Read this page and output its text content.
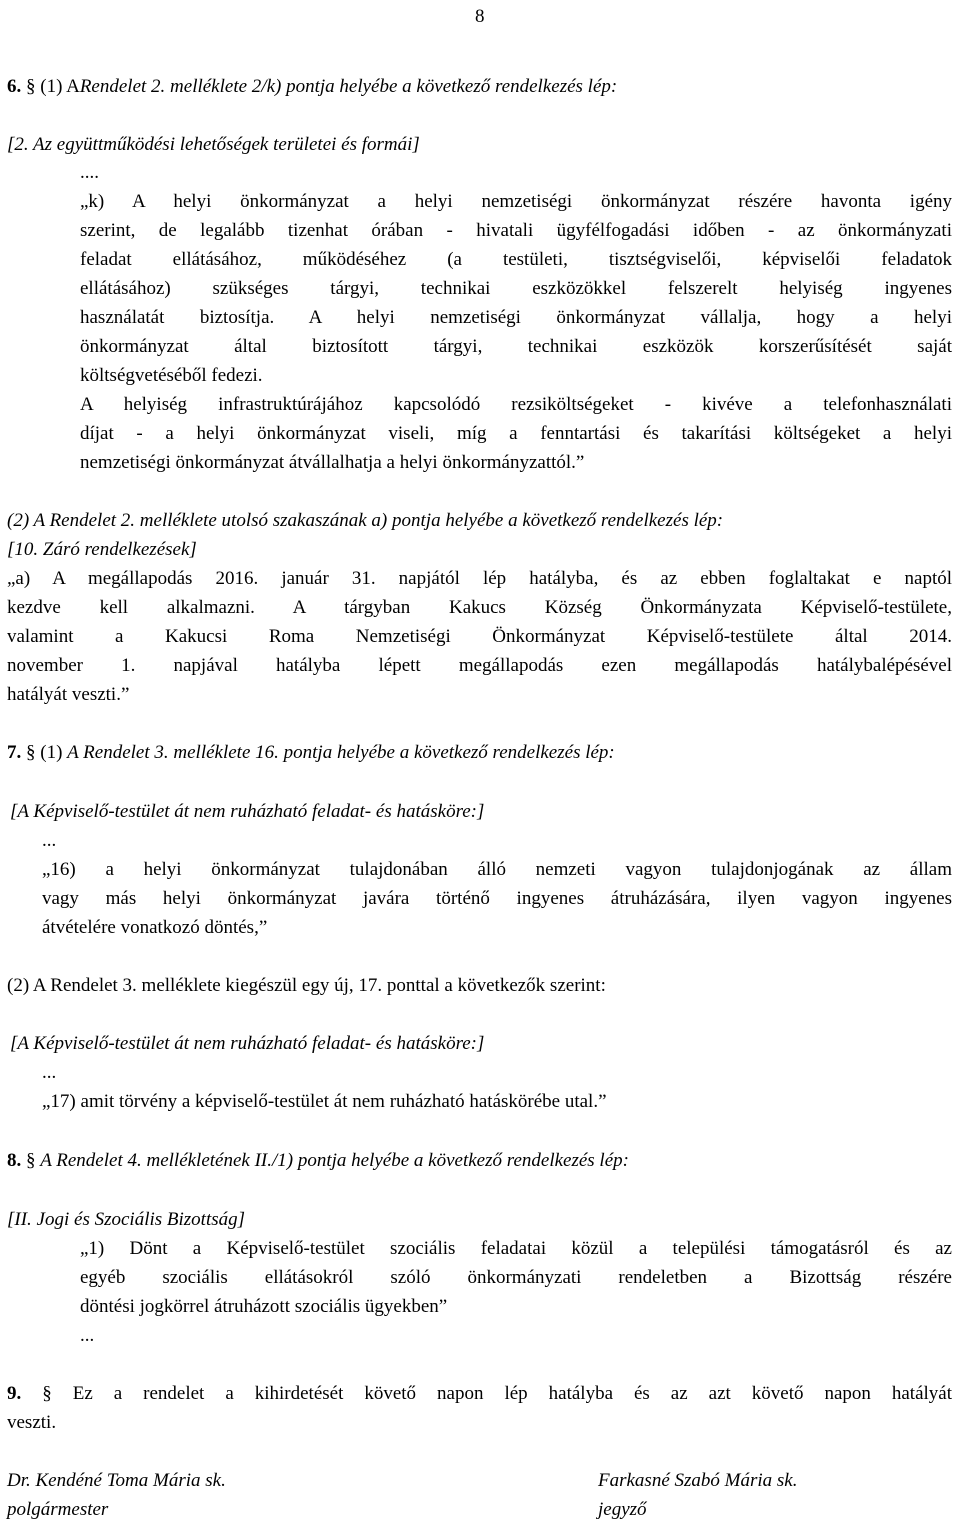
8
6. § (1) ARendelet 2. melléklete 2/k) pontja helyébe a következő rendelkezés lép:
[2. Az együttműködési lehetőségek területei és formái]
....
„k) A helyi önkormányzat a helyi nemzetiségi önkormányzat részére havonta igény
szerint, de legalább tizenhat órában - hivatali ügyfélfogadási időben - az önkormányzati
feladat ellátásához, működéséhez (a testületi, tisztségviselői, képviselői feladatok
ellátásához) szükséges tárgyi, technikai eszközökkel felszerelt helyiség ingyenes
használatát biztosítja. A helyi nemzetiségi önkormányzat vállalja, hogy a helyi
önkormányzat által biztosított tárgyi, technikai eszközök korszerűsítését saját
költségvetéséből fedezi.
A helyiség infrastruktúrájához kapcsolódó rezsiköltségeket - kivéve a telefonhasználati
díjat - a helyi önkormányzat viseli, míg a fenntartási és takarítási költségeket a helyi
nemzetiségi önkormányzat átvállalhatja a helyi önkormányzattól.”
(2) A Rendelet 2. melléklete utolsó szakaszának a) pontja helyébe a következő rendelkezés lép:
[10. Záró rendelkezések]
„a) A megállapodás 2016. január 31. napjától lép hatályba, és az ebben foglaltakat e naptól
kezdve kell alkalmazni. A tárgyban Kakucs Község Önkormányzata Képviselő-testülete,
valamint a Kakucsi Roma Nemzetiségi Önkormányzat Képviselő-testülete által 2014.
november 1. napjával hatályba lépett megállapodás ezen megállapodás hatálybalépésével
hatályát veszti.”
7. § (1) A Rendelet 3. melléklete 16. pontja helyébe a következő rendelkezés lép:
[A Képviselő-testület át nem ruházható feladat- és hatásköre:]
...
„16) a helyi önkormányzat tulajdonában álló nemzeti vagyon tulajdonjogának az állam
vagy más helyi önkormányzat javára történő ingyenes átruházására, ilyen vagyon ingyenes
átvételére vonatkozó döntés,”
(2) A Rendelet 3. melléklete kiegészül egy új, 17. ponttal a következők szerint:
[A Képviselő-testület át nem ruházható feladat- és hatásköre:]
...
„17) amit törvény a képviselő-testület át nem ruházható hatáskörébe utal.”
8. § A Rendelet 4. mellékletének II./1) pontja helyébe a következő rendelkezés lép:
[II. Jogi és Szociális Bizottság]
„1) Dönt a Képviselő-testület szociális feladatai közül a települési támogatásról és az
egyéb szociális ellátásokról szóló önkormányzati rendeletben a Bizottság részére
döntési jogkörrel átruházott szociális ügyekben”
...
9. § Ez a rendelet a kihirdetését követő napon lép hatályba és az azt követő napon hatályát
veszti.
Dr. Kendéné Toma Mária sk.
polgármester
Farkasné Szabó Mária sk.
jegyző
